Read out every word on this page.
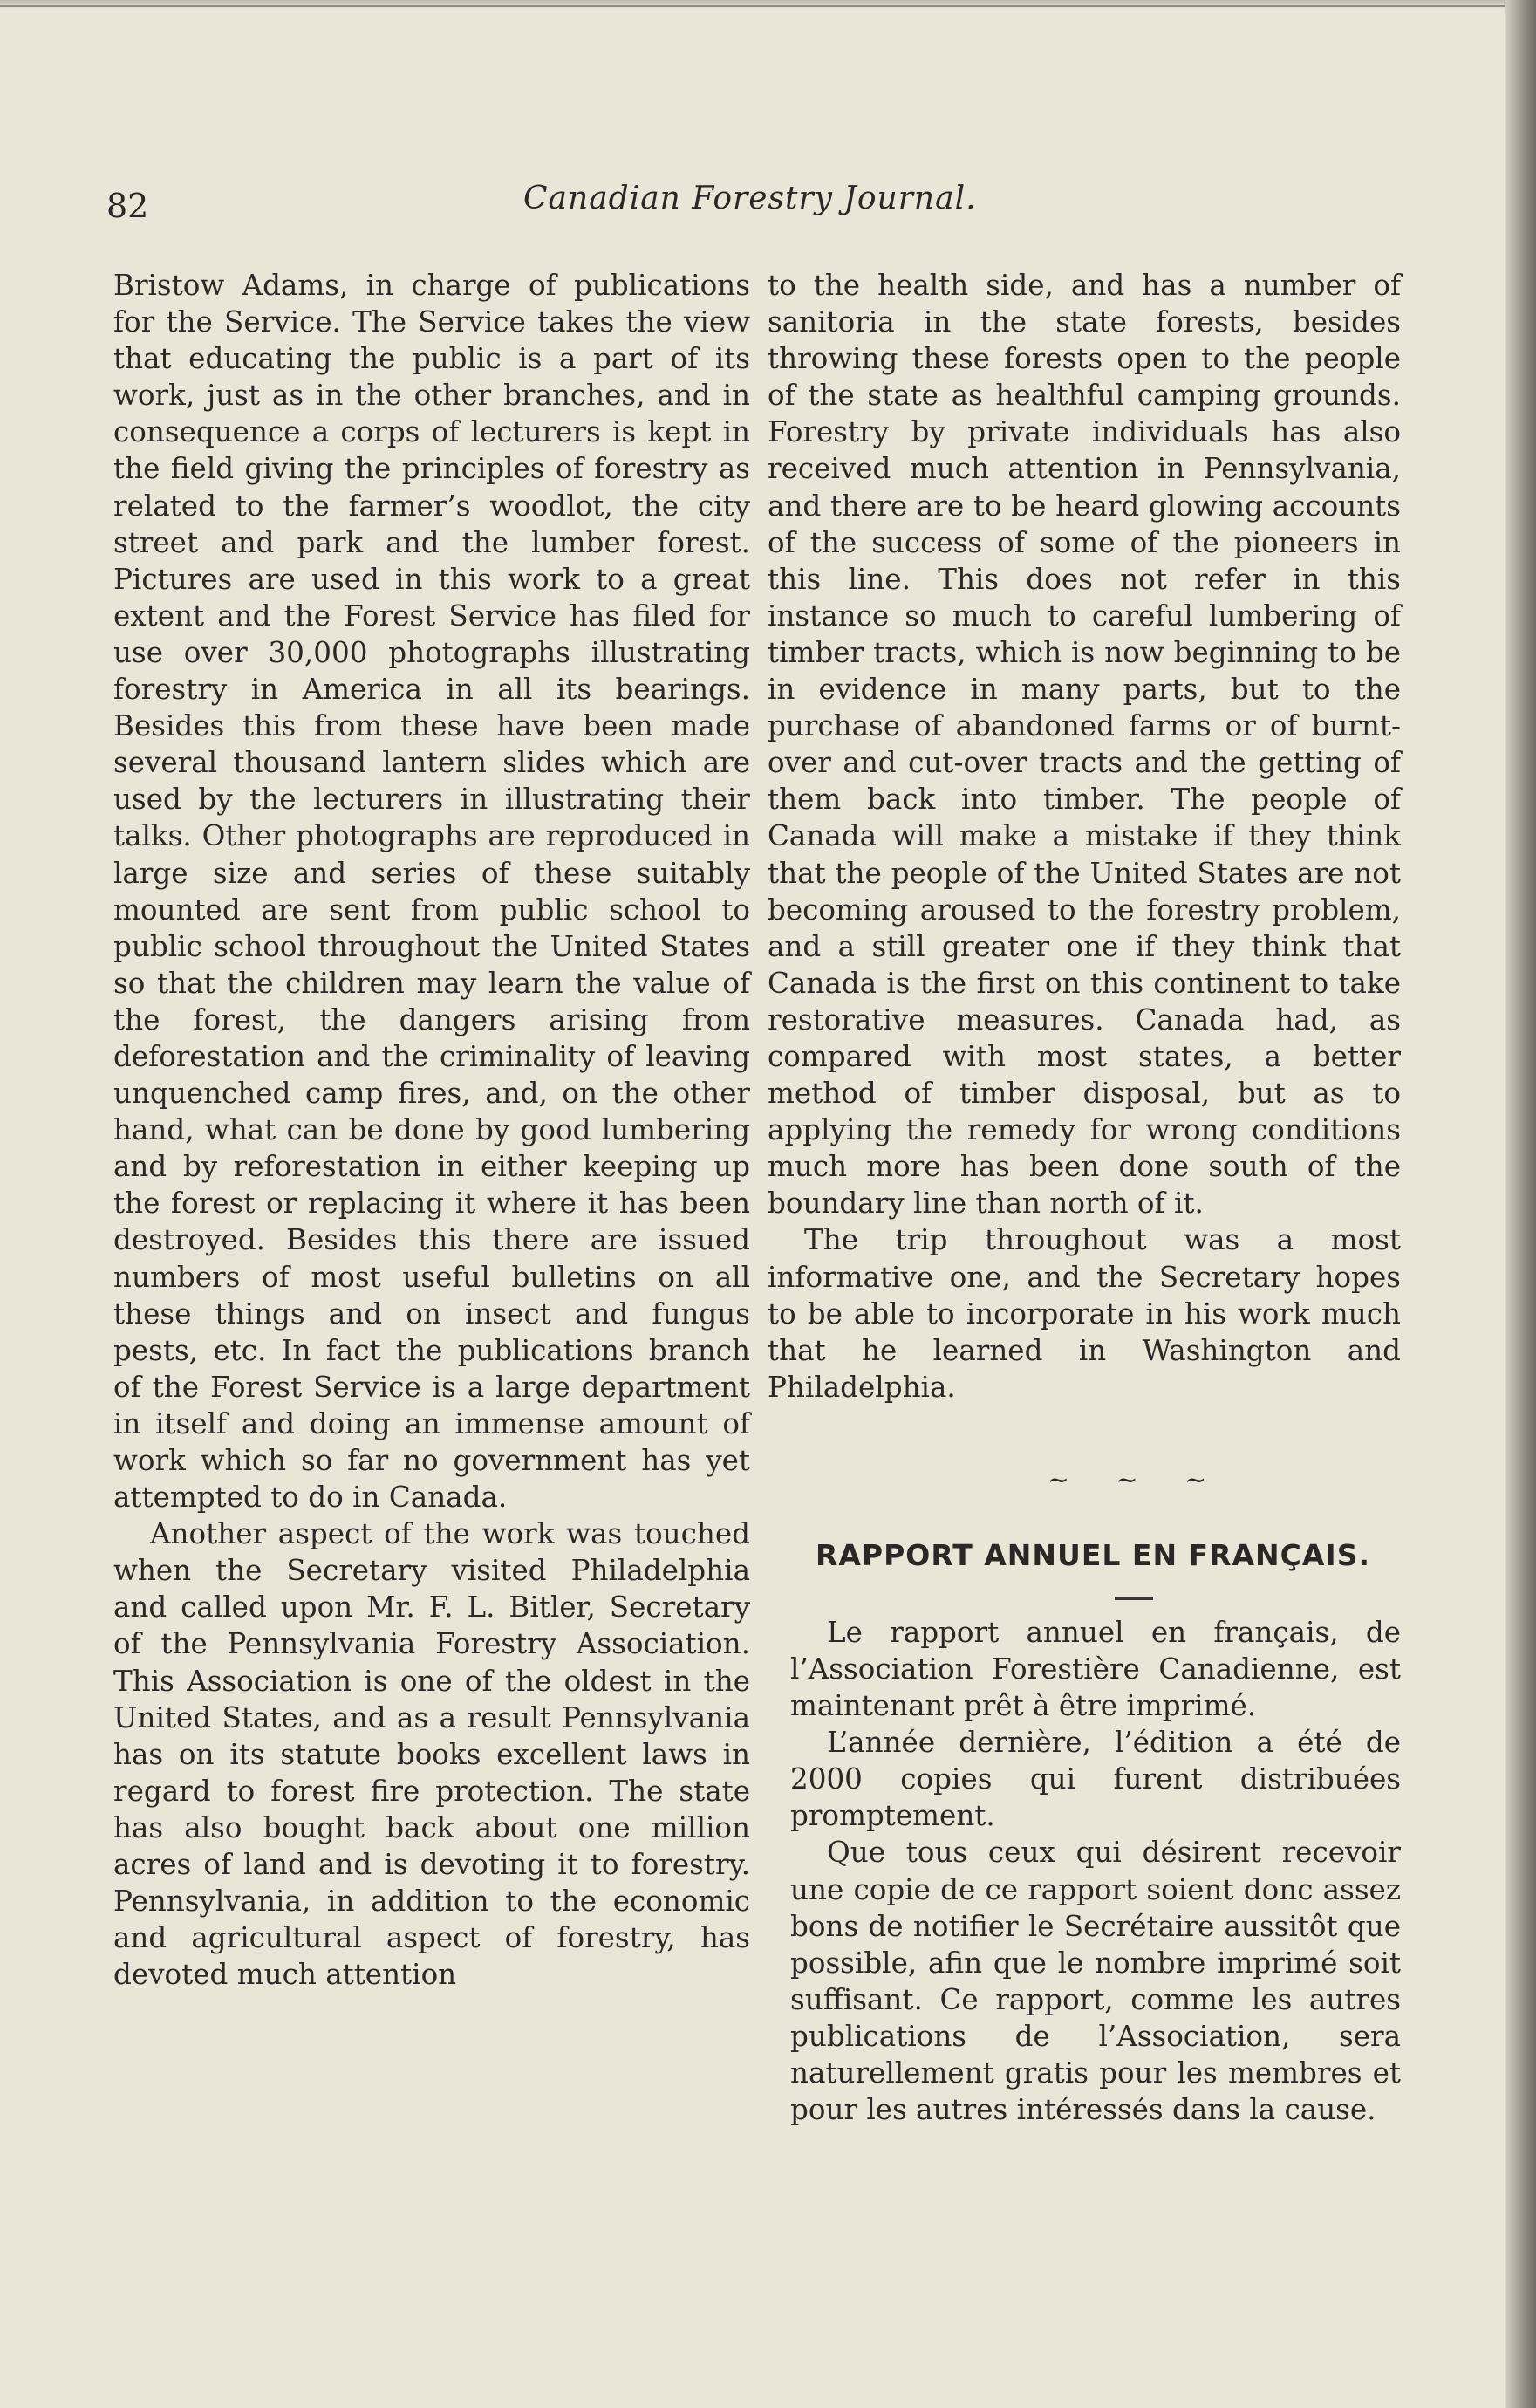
82	Canadian Forestry Journal.

Bristow Adams, in charge of publications for the Service. The Service takes the view that educating the public is a part of its work, just as in the other branches, and in consequence a corps of lecturers is kept in the field giving the principles of forestry as related to the farmer’s woodlot, the city street and park and the lumber forest. Pictures are used in this work to a great extent and the Forest Service has filed for use over 30,000 photographs illustrating forestry in America in all its bearings. Besides this from these have been made several thousand lantern slides which are used by the lecturers in illustrating their talks. Other photographs are reproduced in large size and series of these suitably mounted are sent from public school to public school throughout the United States so that the children may learn the value of the forest, the dangers arising from deforestation and the criminality of leaving unquenched camp fires, and, on the other hand, what can be done by good lumbering and by reforestation in either keeping up the forest or replacing it where it has been destroyed. Besides this there are issued numbers of most useful bulletins on all these things and on insect and fungus pests, etc. In fact the publications branch of the Forest Service is a large department in itself and doing an immense amount of work which so far no government has yet attempted to do in Canada.

Another aspect of the work was touched when the Secretary visited Philadelphia and called upon Mr. F. L. Bitler, Secretary of the Pennsylvania Forestry Association. This Association is one of the oldest in the United States, and as a result Pennsylvania has on its statute books excellent laws in regard to forest fire protection. The state has also bought back about one million acres of land and is devoting it to forestry. Pennsylvania, in addition to the economic and agricultural aspect of forestry, has devoted much attention

to the health side, and has a number of sanitoria in the state forests, besides throwing these forests open to the people of the state as healthful camping grounds. Forestry by private individuals has also received much attention in Pennsylvania, and there are to be heard glowing accounts of the success of some of the pioneers in this line. This does not refer in this instance so much to careful lumbering of timber tracts, which is now beginning to be in evidence in many parts, but to the purchase of abandoned farms or of burnt-over and cut-over tracts and the getting of them back into timber. The people of Canada will make a mistake if they think that the people of the United States are not becoming aroused to the forestry problem, and a still greater one if they think that Canada is the first on this continent to take restorative measures. Canada had, as compared with most states, a better method of timber disposal, but as to applying the remedy for wrong conditions much more has been done south of the boundary line than north of it.

The trip throughout was a most informative one, and the Secretary hopes to be able to incorporate in his work much that he learned in Washington and Philadelphia.

~ ~ ~
RAPPORT ANNUEL EN FRANÇAIS.

Le rapport annuel en français, de l’Association Forestière Canadienne, est maintenant prêt à être imprimé.

L’année dernière, l’édition a été de 2000 copies qui furent distribuées promptement.

Que tous ceux qui désirent recevoir une copie de ce rapport soient donc assez bons de notifier le Secrétaire aussitôt que possible, afin que le nombre imprimé soit suffisant. Ce rapport, comme les autres publications de l’Association, sera naturellement gratis pour les membres et pour les autres intéressés dans la cause.
